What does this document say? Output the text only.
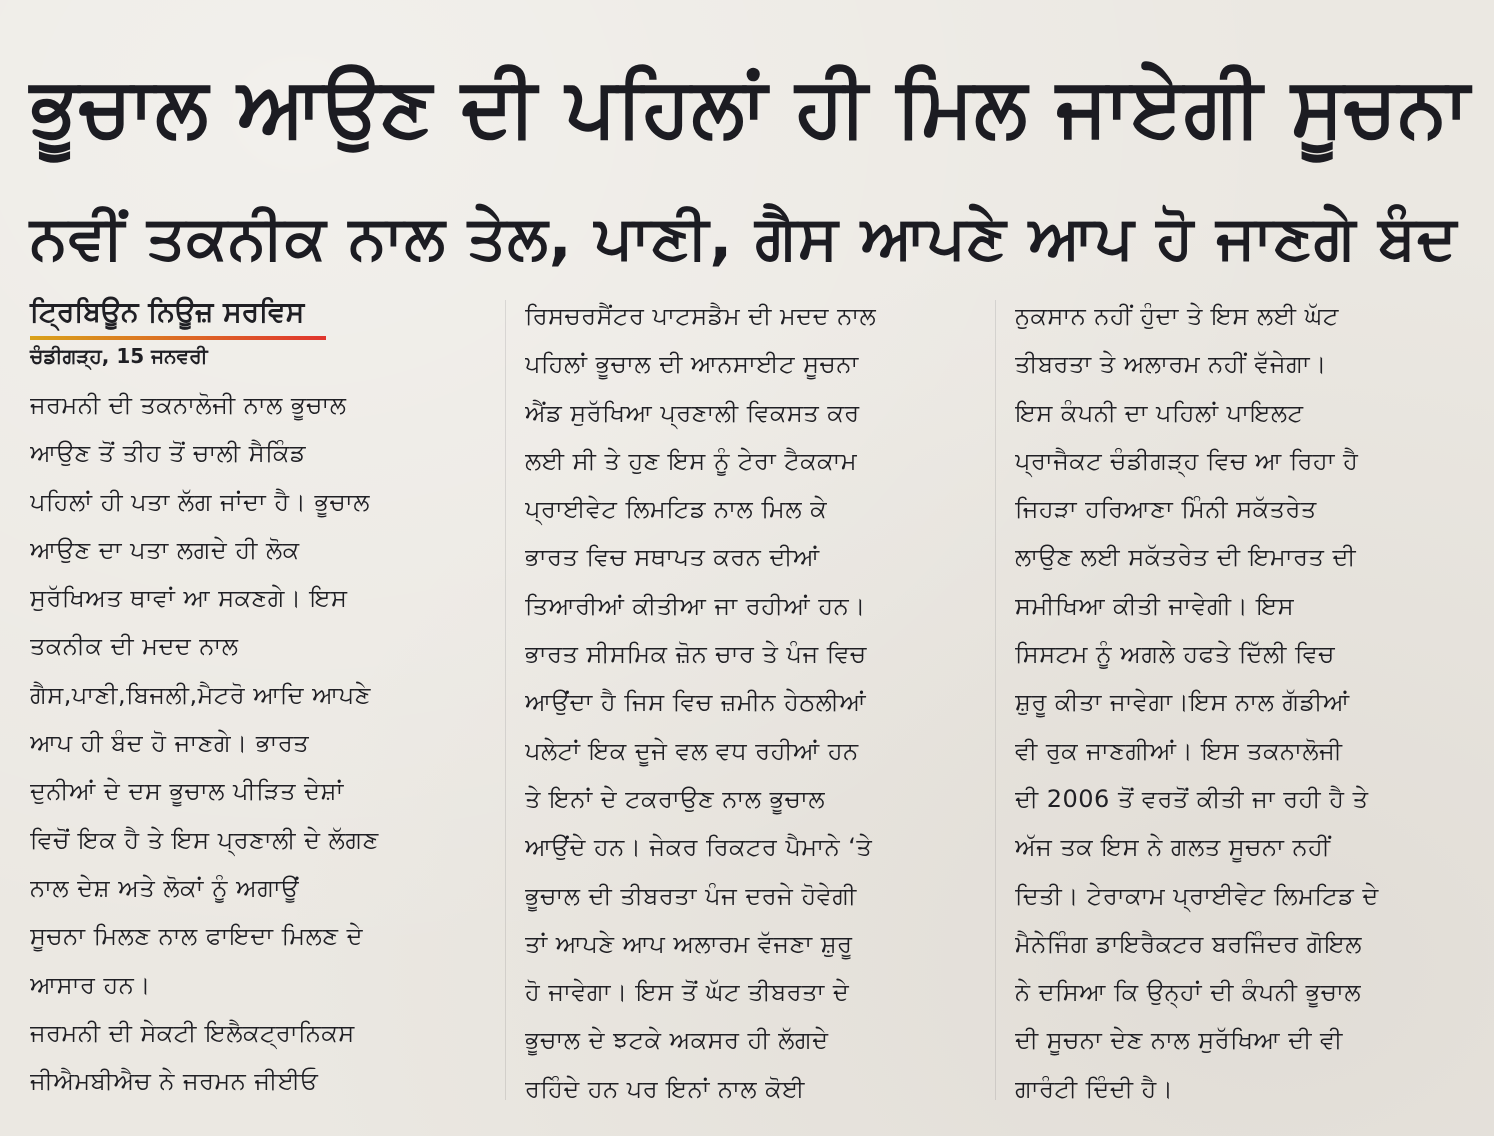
ਭੂਚਾਲ ਆਉਣ ਦੀ ਪਹਿਲਾਂ ਹੀ ਮਿਲ ਜਾਏਗੀ ਸੂਚਨਾ
ਨਵੀਂ ਤਕਨੀਕ ਨਾਲ ਤੇਲ, ਪਾਣੀ, ਗੈਸ ਆਪਣੇ ਆਪ ਹੋ ਜਾਣਗੇ ਬੰਦ
ਟ੍ਰਿਬਿਊਨ ਨਿਊਜ਼ ਸਰਵਿਸ
ਚੰਡੀਗੜ੍ਹ, 15 ਜਨਵਰੀ
ਜਰਮਨੀ ਦੀ ਤਕਨਾਲੋਜੀ ਨਾਲ ਭੂਚਾਲ
ਆਉਣ ਤੋਂ ਤੀਹ ਤੋਂ ਚਾਲੀ ਸੈਕਿੰਡ
ਪਹਿਲਾਂ ਹੀ ਪਤਾ ਲੱਗ ਜਾਂਦਾ ਹੈ। ਭੂਚਾਲ
ਆਉਣ ਦਾ ਪਤਾ ਲਗਦੇ ਹੀ ਲੋਕ
ਸੁਰੱਖਿਅਤ ਥਾਵਾਂ ਆ ਸਕਣਗੇ। ਇਸ
ਤਕਨੀਕ ਦੀ ਮਦਦ ਨਾਲ
ਗੈਸ,ਪਾਣੀ,ਬਿਜਲੀ,ਮੈਟਰੋ ਆਦਿ ਆਪਣੇ
ਆਪ ਹੀ ਬੰਦ ਹੋ ਜਾਣਗੇ। ਭਾਰਤ
ਦੁਨੀਆਂ ਦੇ ਦਸ ਭੂਚਾਲ ਪੀੜਿਤ ਦੇਸ਼ਾਂ
ਵਿਚੋਂ ਇਕ ਹੈ ਤੇ ਇਸ ਪ੍ਰਣਾਲੀ ਦੇ ਲੱਗਣ
ਨਾਲ ਦੇਸ਼ ਅਤੇ ਲੋਕਾਂ ਨੂੰ ਅਗਾਊਂ
ਸੂਚਨਾ ਮਿਲਣ ਨਾਲ ਫਾਇਦਾ ਮਿਲਣ ਦੇ
ਆਸਾਰ ਹਨ।
ਜਰਮਨੀ ਦੀ ਸੇਕਟੀ ਇਲੈਕਟ੍ਰਾਨਿਕਸ
ਜੀਐਮਬੀਐਚ ਨੇ ਜਰਮਨ ਜੀਈਓ
ਰਿਸਚਰਸੈਂਟਰ ਪਾਟਸਡੈਮ ਦੀ ਮਦਦ ਨਾਲ
ਪਹਿਲਾਂ ਭੂਚਾਲ ਦੀ ਆਨਸਾਈਟ ਸੂਚਨਾ
ਐਂਡ ਸੁਰੱਖਿਆ ਪ੍ਰਣਾਲੀ ਵਿਕਸਤ ਕਰ
ਲਈ ਸੀ ਤੇ ਹੁਣ ਇਸ ਨੂੰ ਟੇਰਾ ਟੈਕਕਾਮ
ਪ੍ਰਾਈਵੇਟ ਲਿਮਟਿਡ ਨਾਲ ਮਿਲ ਕੇ
ਭਾਰਤ ਵਿਚ ਸਥਾਪਤ ਕਰਨ ਦੀਆਂ
ਤਿਆਰੀਆਂ ਕੀਤੀਆ ਜਾ ਰਹੀਆਂ ਹਨ।
ਭਾਰਤ ਸੀਸਮਿਕ ਜ਼ੋਨ ਚਾਰ ਤੇ ਪੰਜ ਵਿਚ
ਆਉਂਦਾ ਹੈ ਜਿਸ ਵਿਚ ਜ਼ਮੀਨ ਹੇਠਲੀਆਂ
ਪਲੇਟਾਂ ਇਕ ਦੂਜੇ ਵਲ ਵਧ ਰਹੀਆਂ ਹਨ
ਤੇ ਇਨਾਂ ਦੇ ਟਕਰਾਉਣ ਨਾਲ ਭੂਚਾਲ
ਆਉਂਦੇ ਹਨ। ਜੇਕਰ ਰਿਕਟਰ ਪੈਮਾਨੇ ‘ਤੇ
ਭੂਚਾਲ ਦੀ ਤੀਬਰਤਾ ਪੰਜ ਦਰਜੇ ਹੋਵੇਗੀ
ਤਾਂ ਆਪਣੇ ਆਪ ਅਲਾਰਮ ਵੱਜਣਾ ਸ਼ੁਰੂ
ਹੋ ਜਾਵੇਗਾ। ਇਸ ਤੋਂ ਘੱਟ ਤੀਬਰਤਾ ਦੇ
ਭੂਚਾਲ ਦੇ ਝਟਕੇ ਅਕਸਰ ਹੀ ਲੱਗਦੇ
ਰਹਿੰਦੇ ਹਨ ਪਰ ਇਨਾਂ ਨਾਲ ਕੋਈ
ਨੁਕਸਾਨ ਨਹੀਂ ਹੁੰਦਾ ਤੇ ਇਸ ਲਈ ਘੱਟ
ਤੀਬਰਤਾ ਤੇ ਅਲਾਰਮ ਨਹੀਂ ਵੱਜੇਗਾ।
ਇਸ ਕੰਪਨੀ ਦਾ ਪਹਿਲਾਂ ਪਾਇਲਟ
ਪ੍ਰਾਜੈਕਟ ਚੰਡੀਗੜ੍ਹ ਵਿਚ ਆ ਰਿਹਾ ਹੈ
ਜਿਹੜਾ ਹਰਿਆਣਾ ਮਿੰਨੀ ਸਕੱਤਰੇਤ
ਲਾਉਣ ਲਈ ਸਕੱਤਰੇਤ ਦੀ ਇਮਾਰਤ ਦੀ
ਸਮੀਖਿਆ ਕੀਤੀ ਜਾਵੇਗੀ। ਇਸ
ਸਿਸਟਮ ਨੂੰ ਅਗਲੇ ਹਫਤੇ ਦਿੱਲੀ ਵਿਚ
ਸ਼ੁਰੂ ਕੀਤਾ ਜਾਵੇਗਾ।ਇਸ ਨਾਲ ਗੱਡੀਆਂ
ਵੀ ਰੁਕ ਜਾਣਗੀਆਂ। ਇਸ ਤਕਨਾਲੋਜੀ
ਦੀ 2006 ਤੋਂ ਵਰਤੋਂ ਕੀਤੀ ਜਾ ਰਹੀ ਹੈ ਤੇ
ਅੱਜ ਤਕ ਇਸ ਨੇ ਗਲਤ ਸੂਚਨਾ ਨਹੀਂ
ਦਿਤੀ। ਟੇਰਾਕਾਮ ਪ੍ਰਾਈਵੇਟ ਲਿਮਟਿਡ ਦੇ
ਮੈਨੇਜਿੰਗ ਡਾਇਰੈਕਟਰ ਬਰਜਿੰਦਰ ਗੋਇਲ
ਨੇ ਦਸਿਆ ਕਿ ਉਨ੍ਹਾਂ ਦੀ ਕੰਪਨੀ ਭੂਚਾਲ
ਦੀ ਸੂਚਨਾ ਦੇਣ ਨਾਲ ਸੁਰੱਖਿਆ ਦੀ ਵੀ
ਗਾਰੰਟੀ ਦਿੰਦੀ ਹੈ।
